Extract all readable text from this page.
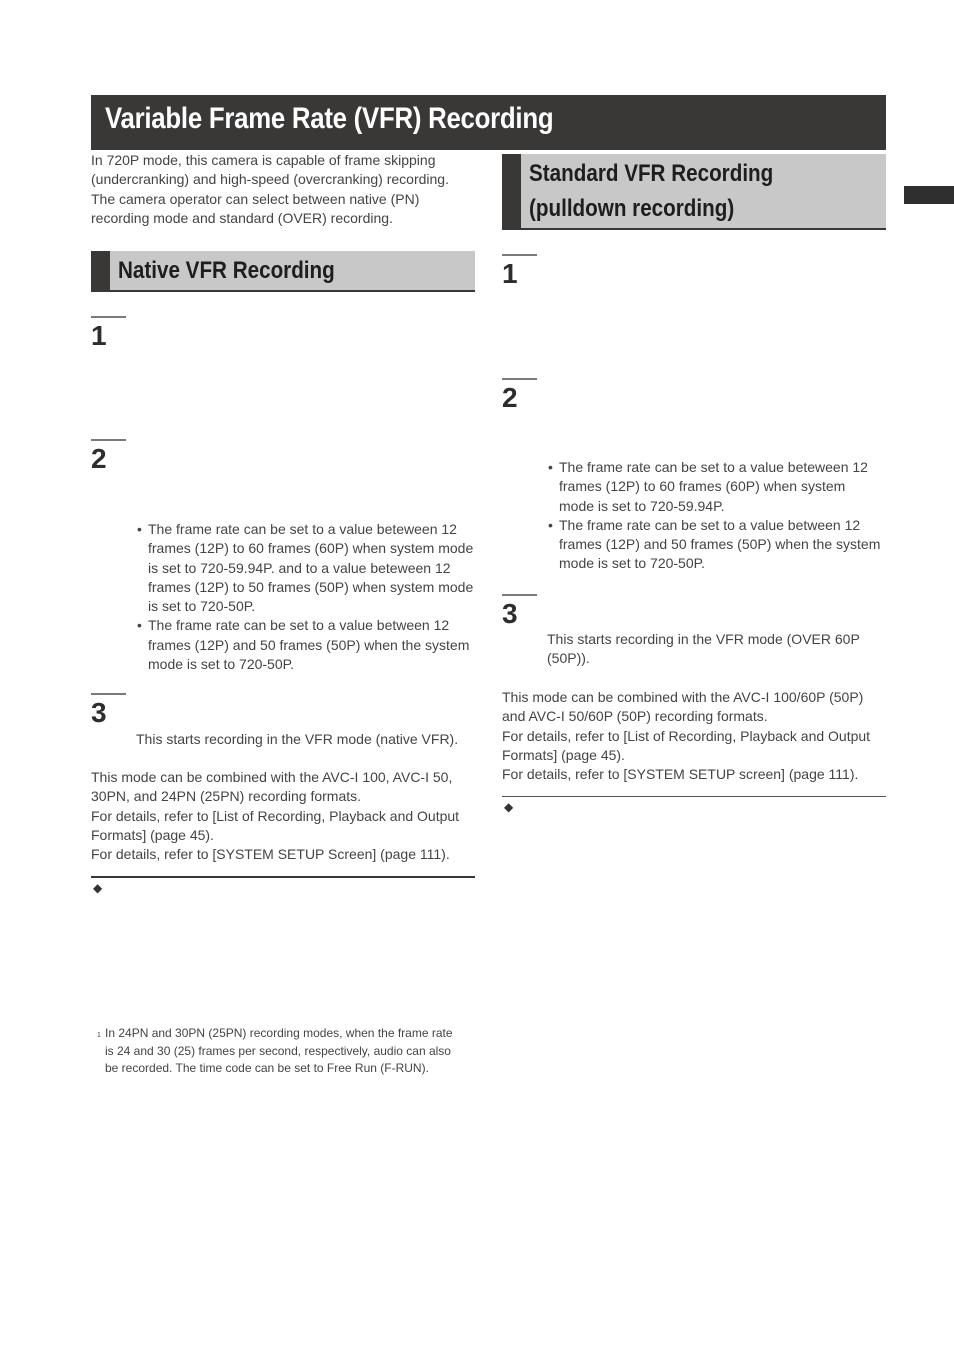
Variable Frame Rate (VFR) Recording

In 720P mode, this camera is capable of frame skipping (undercranking) and high-speed (overcranking) recording. The camera operator can select between native (PN) recording mode and standard (OVER) recording.

Native VFR Recording
1
2
• The frame rate can be set to a value beteween 12 frames (12P) to 60 frames (60P) when system mode is set to 720-59.94P. and to a value beteween 12 frames (12P) to 50 frames (50P) when system mode is set to 720-50P.
• The frame rate can be set to a value between 12 frames (12P) and 50 frames (50P) when the system mode is set to 720-50P.
3

This starts recording in the VFR mode (native VFR).

This mode can be combined with the AVC-I 100, AVC-I 50, 30PN, and 24PN (25PN) recording formats.

For details, refer to [List of Recording, Playback and Output Formats] (page 45).

For details, refer to [SYSTEM SETUP Screen] (page 111).

◆
1 In 24PN and 30PN (25PN) recording modes, when the frame rate is 24 and 30 (25) frames per second, respectively, audio can also be recorded. The time code can be set to Free Run (F-RUN).

Standard VFR Recording
(pulldown recording)
1
2
• The frame rate can be set to a value beteween 12 frames (12P) to 60 frames (60P) when system mode is set to 720-59.94P.
• The frame rate can be set to a value between 12 frames (12P) and 50 frames (50P) when the system mode is set to 720-50P.
3

This starts recording in the VFR mode (OVER 60P (50P)).

This mode can be combined with the AVC-I 100/60P (50P) and AVC-I 50/60P (50P) recording formats.

For details, refer to [List of Recording, Playback and Output Formats] (page 45).

For details, refer to [SYSTEM SETUP screen] (page 111).

◆
